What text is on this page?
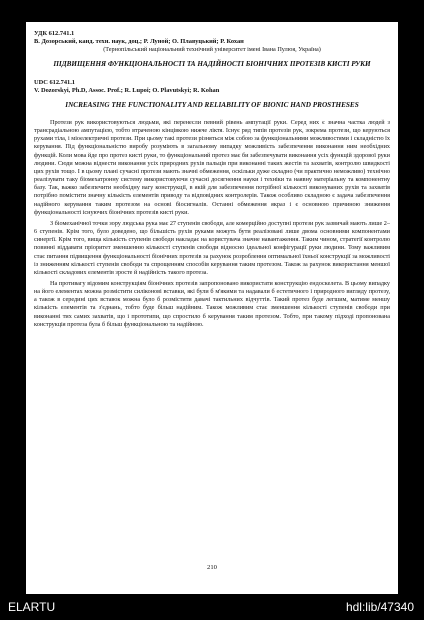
УДК 612.741.1

В. Дозорський, канд. техн. наук, доц.; Р. Луной; О. Плавуцький; Р. Кохан

(Тернопільський національний технічний університет імені Івана Пулюя, Україна)

ПІДВИЩЕННЯ ФУНКЦІОНАЛЬНОСТІ ТА НАДІЙНОСТІ БІОНІЧНИХ ПРОТЕЗІВ КИСТІ РУКИ

UDC 612.741.1

V. Dozorskyi, Ph.D, Assoc. Prof.; R. Lupoi; O. Plavutskyi; R. Kohan

INCREASING THE FUNCTIONALITY AND RELIABILITY OF BIONIC HAND PROSTHESES

Протези рук використовуються людьми, які перенесли певний рівень ампутації руки. Серед них є значна частка людей з трансрадіальною ампутацією, тобто втраченою кінцівкою нижче ліктя. Існує ряд типів протезів рук, зокрема протези, що керуються рухами тіла, і міоелектричні протези. При цьому такі протези різняться між собою за функціональними можливостями і складністю їх керування. Під функціональністю виробу розуміють в загальному випадку можливість забезпечення виконання ним необхідних функцій. Коли мова йде про протез кисті руки, то функціональний протез має би забезпечувати виконання усіх функцій здорової руки людини. Сюди можна віднести виконання усіх природних рухів пальців при виконанні таких жестів та захватів, контролю швидкості цих рухів тощо. І в цьому плані сучасні протези мають значні обмеження, оскільки дуже складно (чи практично неможливо) технічно реалізувати таку біомехатронну систему використовуючи сучасні досягнення науки і техніки та наявну матеріальну та компонентну базу. Так, важко забезпечити необхідну вагу конструкції, в якій для забезпечення потрібної кількості виконуваних рухів та захватів потрібно помістити значну кількість елементів приводу та відповідних контролерів. Також особливо складною є задача забезпечення надійного керування таким протезом на основі біосигналів. Останні обмеження якраз і є основною причиною зниження функціональності існуючих біонічних протезів кисті руки.

З біомеханічної точки зору людська рука має 27 ступенів свободи, але комерційно доступні протези рук зазвичай мають лише 2–6 ступенів. Крім того, було доведено, що більшість рухів руками можуть бути реалізовані лише двома основними компонентами синергії. Крім того, вища кількість ступенів свободи накладає на користувача значне навантаження. Таким чином, стратегії контролю повинні віддавати пріоритет зменшенню кількості ступенів свободи відносно ідеальної конфігурації руки людини. Тому важливим стає питання підвищення функціональності біонічних протезів за рахунок розроблення оптимальної їхньої конструкції за можливості із зниженням кількості ступенів свободи та спрощенням способів керування таким протезом. Також за рахунок використання меншої кількості складових елементів зросте й надійність такого протеза.

На противагу відомим конструкціям біонічних протезів запропоновано використати конструкцію ендоскелета. В цьому випадку на його елементах можна розмістити силіконові вставки, які були б м'якими та надавали б естетичного і природного вигляду протезу, а також в середині цих вставок можна було б розмістити давачі тактильних відчуттів. Такий протез буде легшим, матиме меншу кількість елементів та з'єднань, тобто буде більш надійним. Також можливим стає зменшення кількості ступенів свободи при виконанні тих самих захватів, що і прототипи, що спростило б керування таким протезом. Тобто, при такому підході пропонована конструкція протеза була б більш функціональною та надійною.

210
ELARTU	hdl:lib/47340
